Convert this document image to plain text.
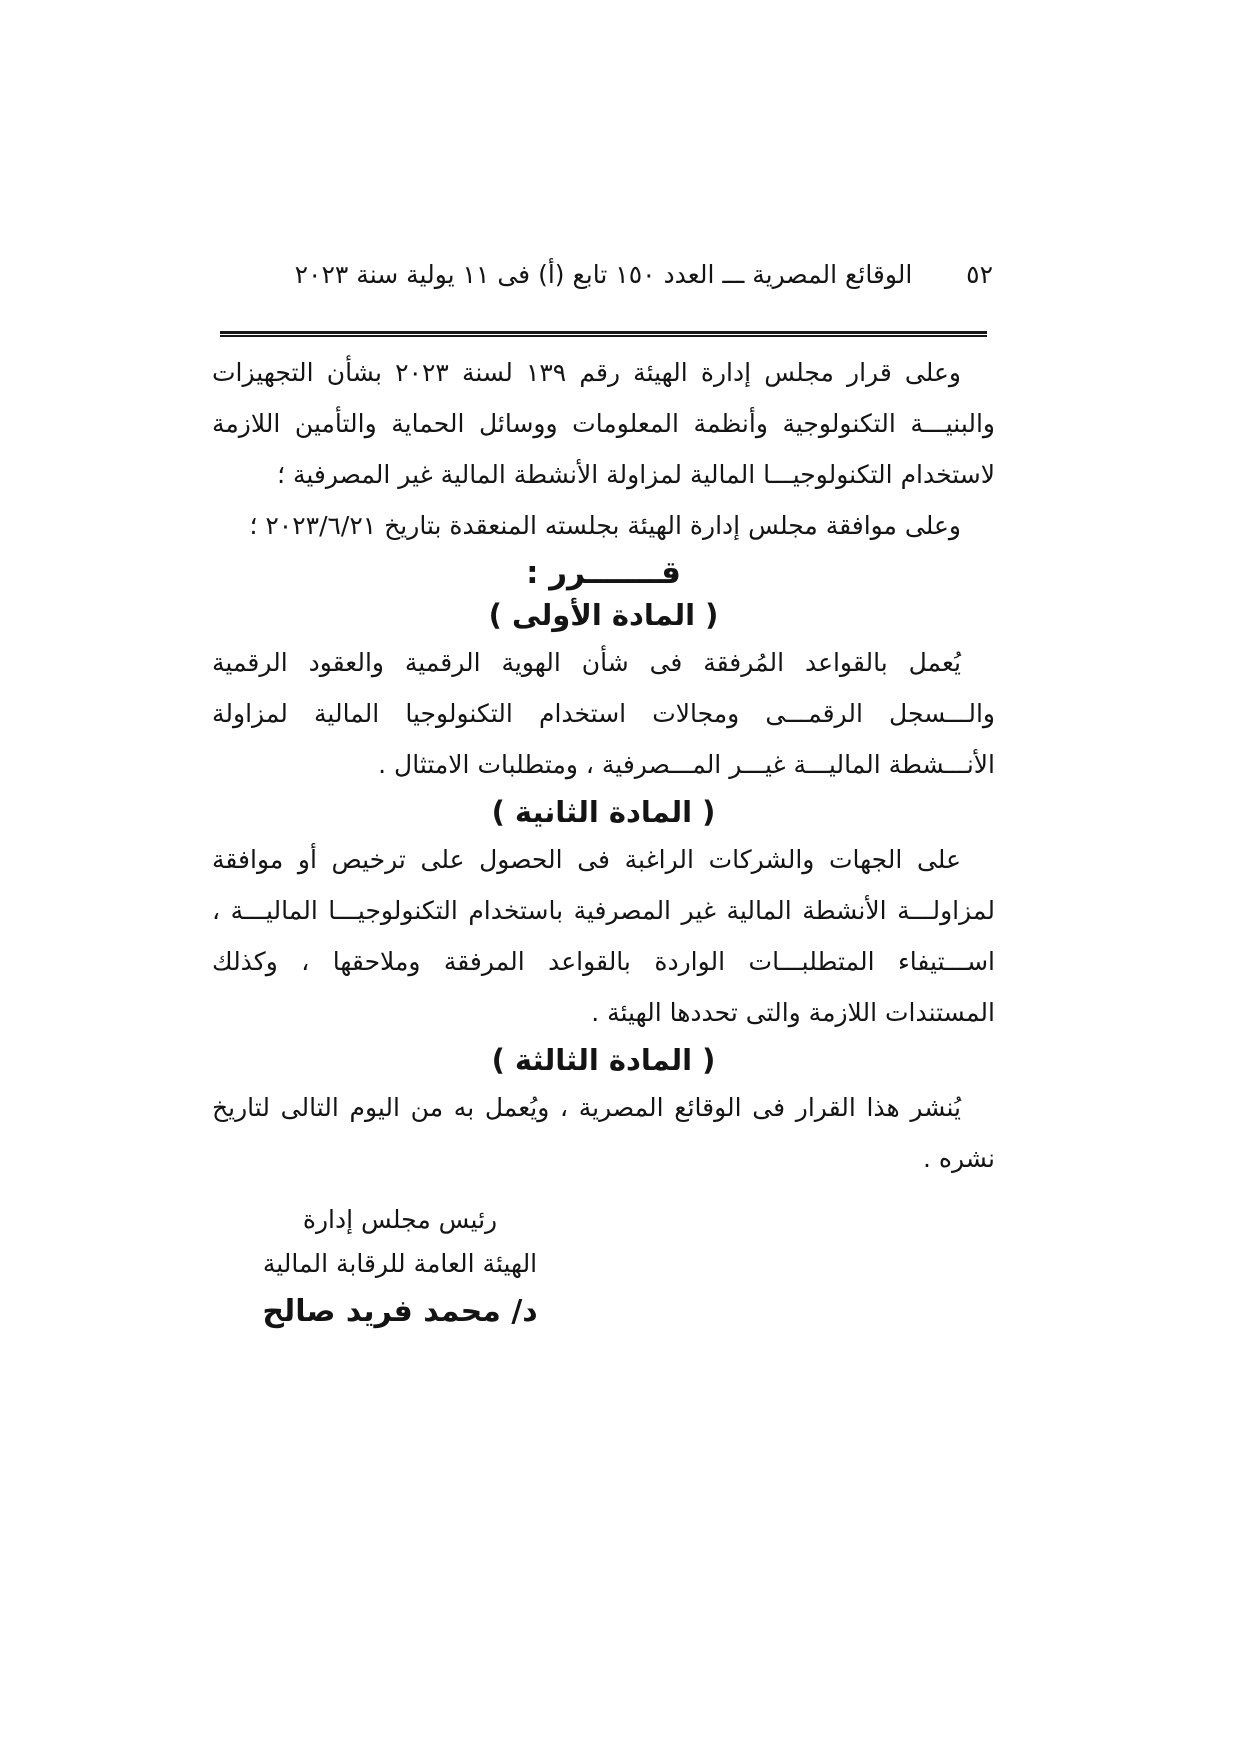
الوقائع المصرية ـــ العدد ١٥٠ تابع (أ) فى ١١ يولية سنة ٢٠٢٣	٥٢

وعلى قرار مجلس إدارة الهيئة رقم ١٣٩ لسنة ٢٠٢٣ بشأن التجهيزات والبنيـــة التكنولوجية وأنظمة المعلومات ووسائل الحماية والتأمين اللازمة لاستخدام التكنولوجيـــا المالية لمزاولة الأنشطة المالية غير المصرفية ؛

وعلى موافقة مجلس إدارة الهيئة بجلسته المنعقدة بتاريخ ٢٠٢٣/٦/٢١ ؛

قـــــــرر :
( المادة الأولى )

يُعمل بالقواعد المُرفقة فى شأن الهوية الرقمية والعقود الرقمية والـــسجل الرقمـــى ومجالات استخدام التكنولوجيا المالية لمزاولة الأنـــشطة الماليـــة غيـــر المـــصرفية ، ومتطلبات الامتثال .

( المادة الثانية )

على الجهات والشركات الراغبة فى الحصول على ترخيص أو موافقة لمزاولـــة الأنشطة المالية غير المصرفية باستخدام التكنولوجيـــا الماليـــة ، اســـتيفاء المتطلبـــات الواردة بالقواعد المرفقة وملاحقها ، وكذلك المستندات اللازمة والتى تحددها الهيئة .

( المادة الثالثة )

يُنشر هذا القرار فى الوقائع المصرية ، ويُعمل به من اليوم التالى لتاريخ نشره .

رئيس مجلس إدارة
الهيئة العامة للرقابة المالية
د/ محمد فريد صالح
